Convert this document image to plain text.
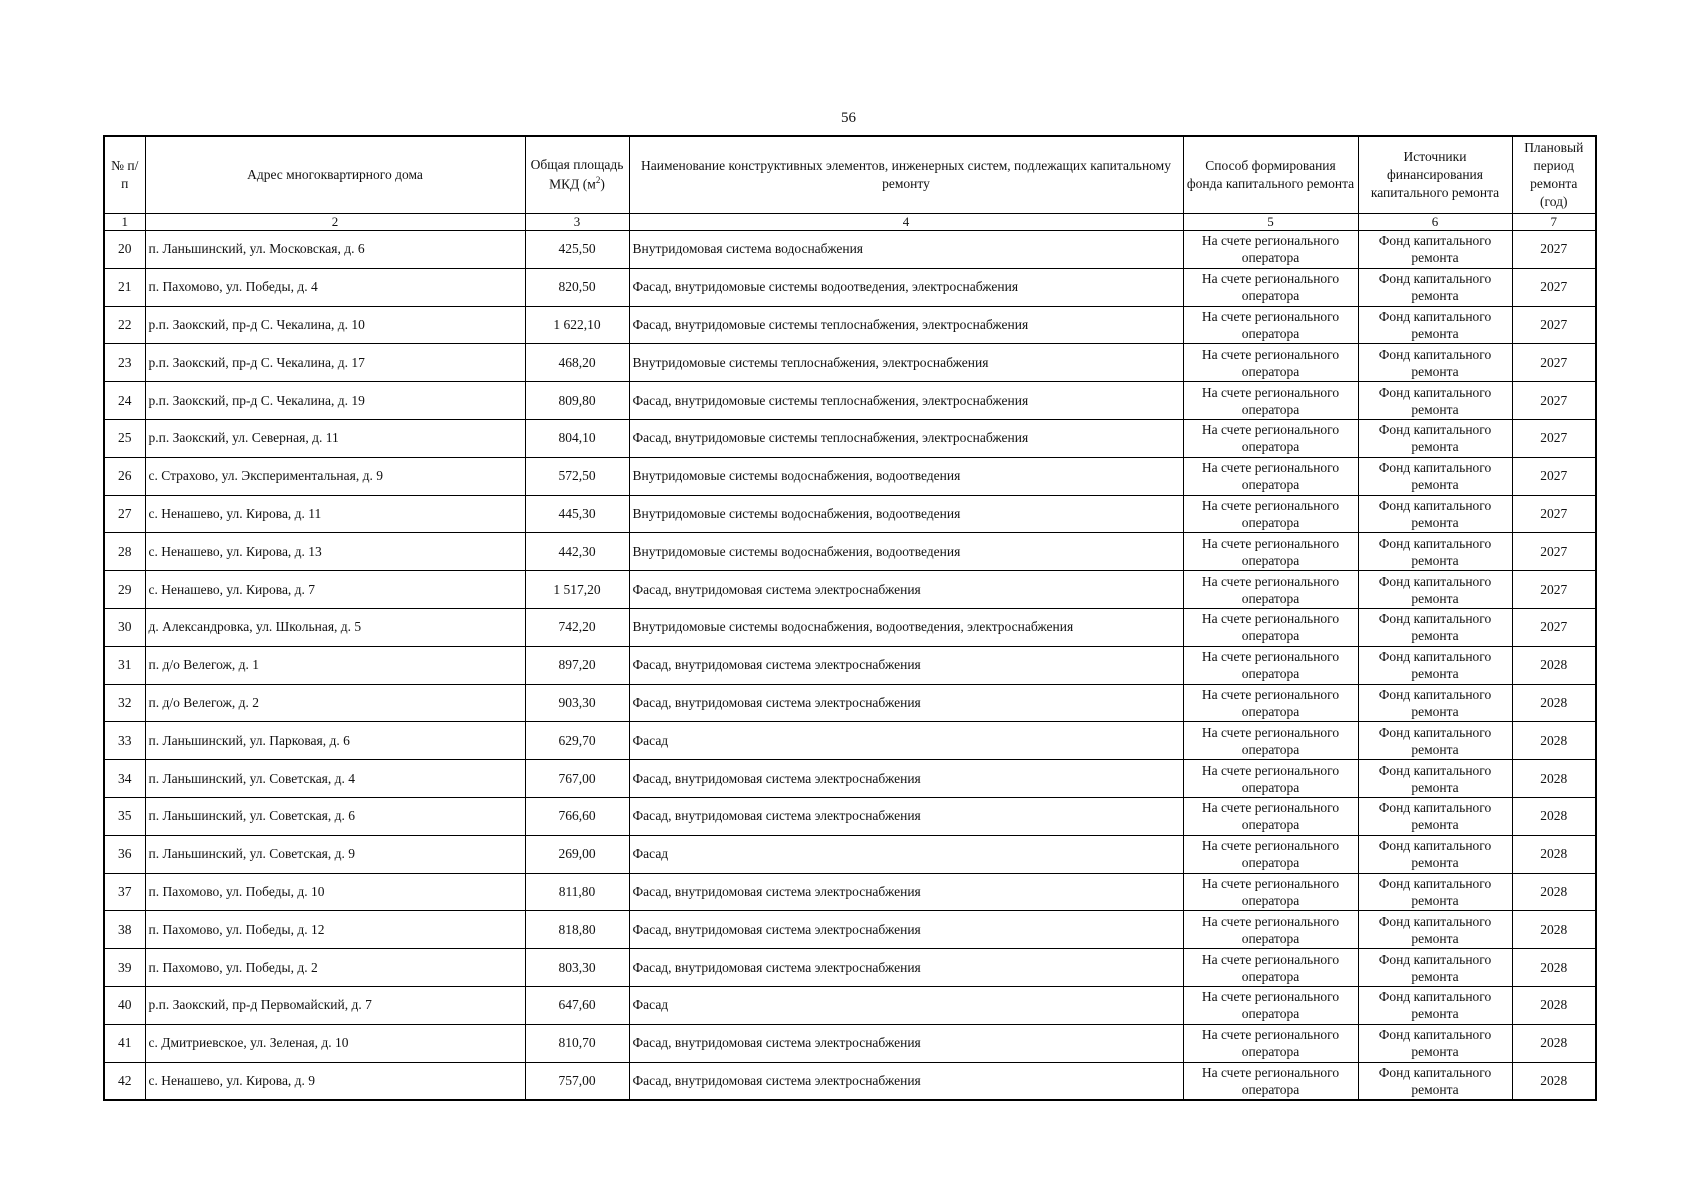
56
№ п/п	Адрес многоквартирного дома	Общая площадь МКД $(м^2)$	Наименование конструктивных элементов, инженерных систем, подлежащих капитальному ремонту	Способ формирования фонда капитального ремонта	Источники финансирования капитального ремонта	Плановый период ремонта (год)
1	2	3	4	5	6	7
20	п. Ланьшинский, ул. Московская, д. 6	425,50	Внутридомовая система водоснабжения	На счете регионального оператора	Фонд капитального ремонта	2027
21	п. Пахомово, ул. Победы, д. 4	820,50	Фасад, внутридомовые системы водоотведения, электроснабжения	На счете регионального оператора	Фонд капитального ремонта	2027
22	р.п. Заокский, пр-д С. Чекалина, д. 10	1 622,10	Фасад, внутридомовые системы теплоснабжения, электроснабжения	На счете регионального оператора	Фонд капитального ремонта	2027
23	р.п. Заокский, пр-д С. Чекалина, д. 17	468,20	Внутридомовые системы теплоснабжения, электроснабжения	На счете регионального оператора	Фонд капитального ремонта	2027
24	р.п. Заокский, пр-д С. Чекалина, д. 19	809,80	Фасад, внутридомовые системы теплоснабжения, электроснабжения	На счете регионального оператора	Фонд капитального ремонта	2027
25	р.п. Заокский, ул. Северная, д. 11	804,10	Фасад, внутридомовые системы теплоснабжения, электроснабжения	На счете регионального оператора	Фонд капитального ремонта	2027
26	с. Страхово, ул. Экспериментальная, д. 9	572,50	Внутридомовые системы водоснабжения, водоотведения	На счете регионального оператора	Фонд капитального ремонта	2027
27	с. Ненашево, ул. Кирова, д. 11	445,30	Внутридомовые системы водоснабжения, водоотведения	На счете регионального оператора	Фонд капитального ремонта	2027
28	с. Ненашево, ул. Кирова, д. 13	442,30	Внутридомовые системы водоснабжения, водоотведения	На счете регионального оператора	Фонд капитального ремонта	2027
29	с. Ненашево, ул. Кирова, д. 7	1 517,20	Фасад, внутридомовая система электроснабжения	На счете регионального оператора	Фонд капитального ремонта	2027
30	д. Александровка, ул. Школьная, д. 5	742,20	Внутридомовые системы водоснабжения, водоотведения, электроснабжения	На счете регионального оператора	Фонд капитального ремонта	2027
31	п. д/о Велегож, д. 1	897,20	Фасад, внутридомовая система электроснабжения	На счете регионального оператора	Фонд капитального ремонта	2028
32	п. д/о Велегож, д. 2	903,30	Фасад, внутридомовая система электроснабжения	На счете регионального оператора	Фонд капитального ремонта	2028
33	п. Ланьшинский, ул. Парковая, д. 6	629,70	Фасад	На счете регионального оператора	Фонд капитального ремонта	2028
34	п. Ланьшинский, ул. Советская, д. 4	767,00	Фасад, внутридомовая система электроснабжения	На счете регионального оператора	Фонд капитального ремонта	2028
35	п. Ланьшинский, ул. Советская, д. 6	766,60	Фасад, внутридомовая система электроснабжения	На счете регионального оператора	Фонд капитального ремонта	2028
36	п. Ланьшинский, ул. Советская, д. 9	269,00	Фасад	На счете регионального оператора	Фонд капитального ремонта	2028
37	п. Пахомово, ул. Победы, д. 10	811,80	Фасад, внутридомовая система электроснабжения	На счете регионального оператора	Фонд капитального ремонта	2028
38	п. Пахомово, ул. Победы, д. 12	818,80	Фасад, внутридомовая система электроснабжения	На счете регионального оператора	Фонд капитального ремонта	2028
39	п. Пахомово, ул. Победы, д. 2	803,30	Фасад, внутридомовая система электроснабжения	На счете регионального оператора	Фонд капитального ремонта	2028
40	р.п. Заокский, пр-д Первомайский, д. 7	647,60	Фасад	На счете регионального оператора	Фонд капитального ремонта	2028
41	с. Дмитриевское, ул. Зеленая, д. 10	810,70	Фасад, внутридомовая система электроснабжения	На счете регионального оператора	Фонд капитального ремонта	2028
42	с. Ненашево, ул. Кирова, д. 9	757,00	Фасад, внутридомовая система электроснабжения	На счете регионального оператора	Фонд капитального ремонта	2028
